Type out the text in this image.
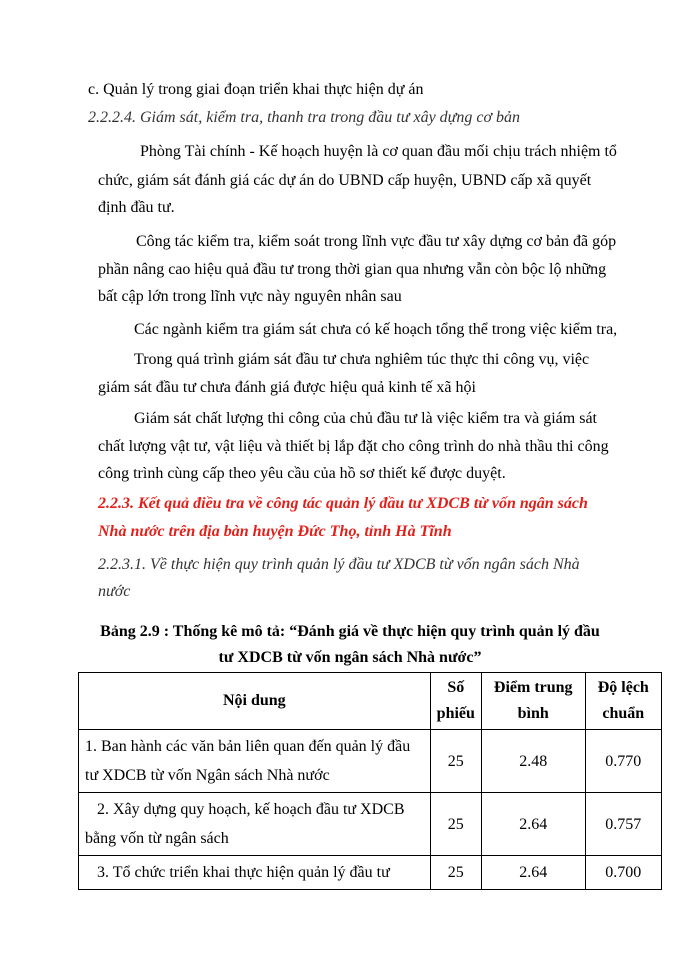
c. Quản lý trong giai đoạn triển khai thực hiện dự án
2.2.2.4. Giám sát, kiểm tra, thanh tra trong đầu tư xây dựng cơ bản
Phòng Tài chính - Kế hoạch huyện là cơ quan đầu mối chịu trách nhiệm tổ
chức, giám sát đánh giá các dự án do UBND cấp huyện, UBND cấp xã quyết
định đầu tư.
Công tác kiểm tra, kiểm soát trong lĩnh vực đầu tư xây dựng cơ bản đã góp
phần nâng cao hiệu quả đầu tư trong thời gian qua nhưng vẫn còn bộc lộ những
bất cập lớn trong lĩnh vực này nguyên nhân sau
Các ngành kiểm tra giám sát chưa có kế hoạch tổng thể trong việc kiểm tra,
Trong quá trình giám sát đầu tư chưa nghiêm túc thực thi công vụ, việc
giám sát đầu tư chưa đánh giá được hiệu quả kinh tế xã hội
Giám sát chất lượng thi công của chủ đầu tư là việc kiểm tra và giám sát
chất lượng vật tư, vật liệu và thiết bị lắp đặt cho công trình do nhà thầu thi công
công trình cùng cấp theo yêu cầu của hồ sơ thiết kế được duyệt.
2.2.3. Kết quả điều tra về công tác quản lý đầu tư XDCB từ vốn ngân sách
Nhà nước trên địa bàn huyện Đức Thọ, tỉnh Hà Tĩnh
2.2.3.1. Về thực hiện quy trình quản lý đầu tư XDCB từ vốn ngân sách Nhà
nước
Bảng 2.9 : Thống kê mô tả: “Đánh giá về thực hiện quy trình quản lý đầu
tư XDCB từ vốn ngân sách Nhà nước”
Nội dung	Số phiếu	Điểm trung bình	Độ lệch chuẩn

1. Ban hành các văn bản liên quan đến quản lý đầu
tư XDCB từ vốn Ngân sách Nhà nước	25	2.48	0.770

2. Xây dựng quy hoạch, kế hoạch đầu tư XDCB
bằng vốn từ ngân sách	25	2.64	0.757

3. Tổ chức triển khai thực hiện quản lý đầu tư	25	2.64	0.700
